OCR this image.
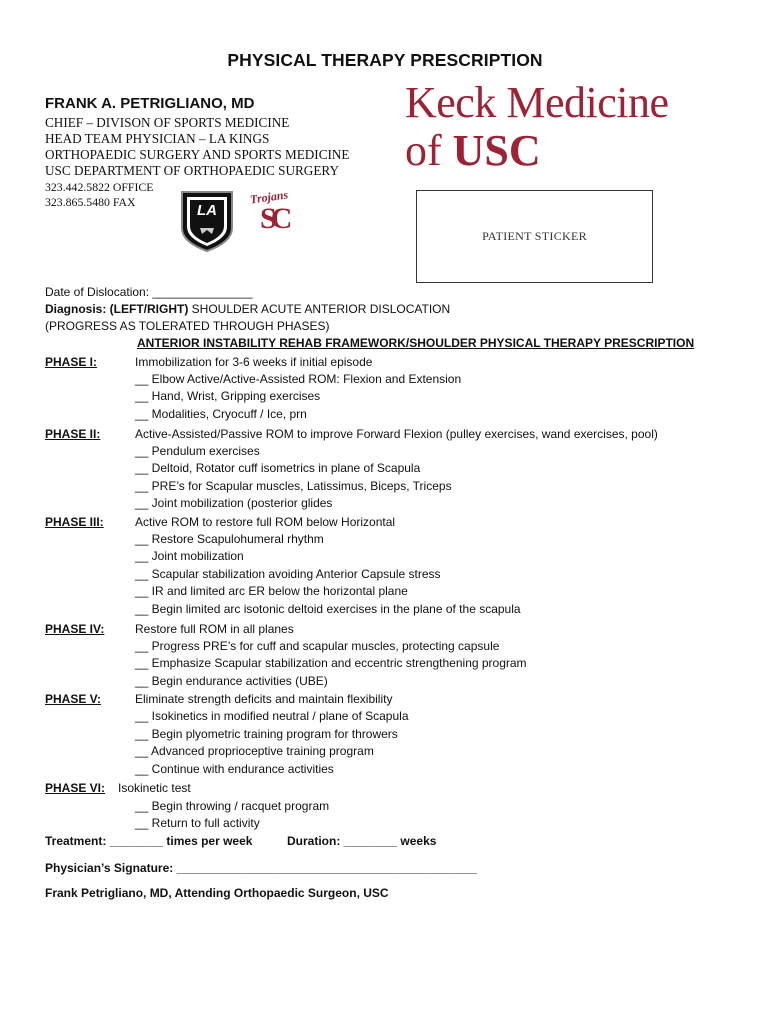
PHYSICAL THERAPY PRESCRIPTION
FRANK A. PETRIGLIANO, MD
CHIEF – DIVISON OF SPORTS MEDICINE
HEAD TEAM PHYSICIAN – LA KINGS
ORTHOPAEDIC SURGERY AND SPORTS MEDICINE
USC DEPARTMENT OF ORTHOPAEDIC SURGERY
323.442.5822 OFFICE
323.865.5480 FAX
Keck Medicine
of USC
LA
Trojans
SC
PATIENT STICKER
Date of Dislocation: _______________
Diagnosis: (LEFT/RIGHT) SHOULDER ACUTE ANTERIOR DISLOCATION
(PROGRESS AS TOLERATED THROUGH PHASES)
ANTERIOR INSTABILITY REHAB FRAMEWORK/SHOULDER PHYSICAL THERAPY PRESCRIPTION
PHASE I:	Immobilization for 3-6 weeks if initial episode
__ Elbow Active/Active-Assisted ROM: Flexion and Extension
__ Hand, Wrist, Gripping exercises
__ Modalities, Cryocuff / Ice, prn
PHASE II:	Active-Assisted/Passive ROM to improve Forward Flexion (pulley exercises, wand exercises, pool)
__ Pendulum exercises
__ Deltoid, Rotator cuff isometrics in plane of Scapula
__ PRE’s for Scapular muscles, Latissimus, Biceps, Triceps
__ Joint mobilization (posterior glides
PHASE III:	Active ROM to restore full ROM below Horizontal
__ Restore Scapulohumeral rhythm
__ Joint mobilization
__ Scapular stabilization avoiding Anterior Capsule stress
__ IR and limited arc ER below the horizontal plane
__ Begin limited arc isotonic deltoid exercises in the plane of the scapula
PHASE IV:	Restore full ROM in all planes
__ Progress PRE’s for cuff and scapular muscles, protecting capsule
__ Emphasize Scapular stabilization and eccentric strengthening program
__ Begin endurance activities (UBE)
PHASE V:	Eliminate strength deficits and maintain flexibility
__ Isokinetics in modified neutral / plane of Scapula
__ Begin plyometric training program for throwers
__ Advanced proprioceptive training program
__ Continue with endurance activities
PHASE VI: Isokinetic test
__ Begin throwing / racquet program
__ Return to full activity
Treatment: ________ times per week	Duration: ________ weeks
Physician’s Signature: _____________________________________________
Frank Petrigliano, MD, Attending Orthopaedic Surgeon, USC
